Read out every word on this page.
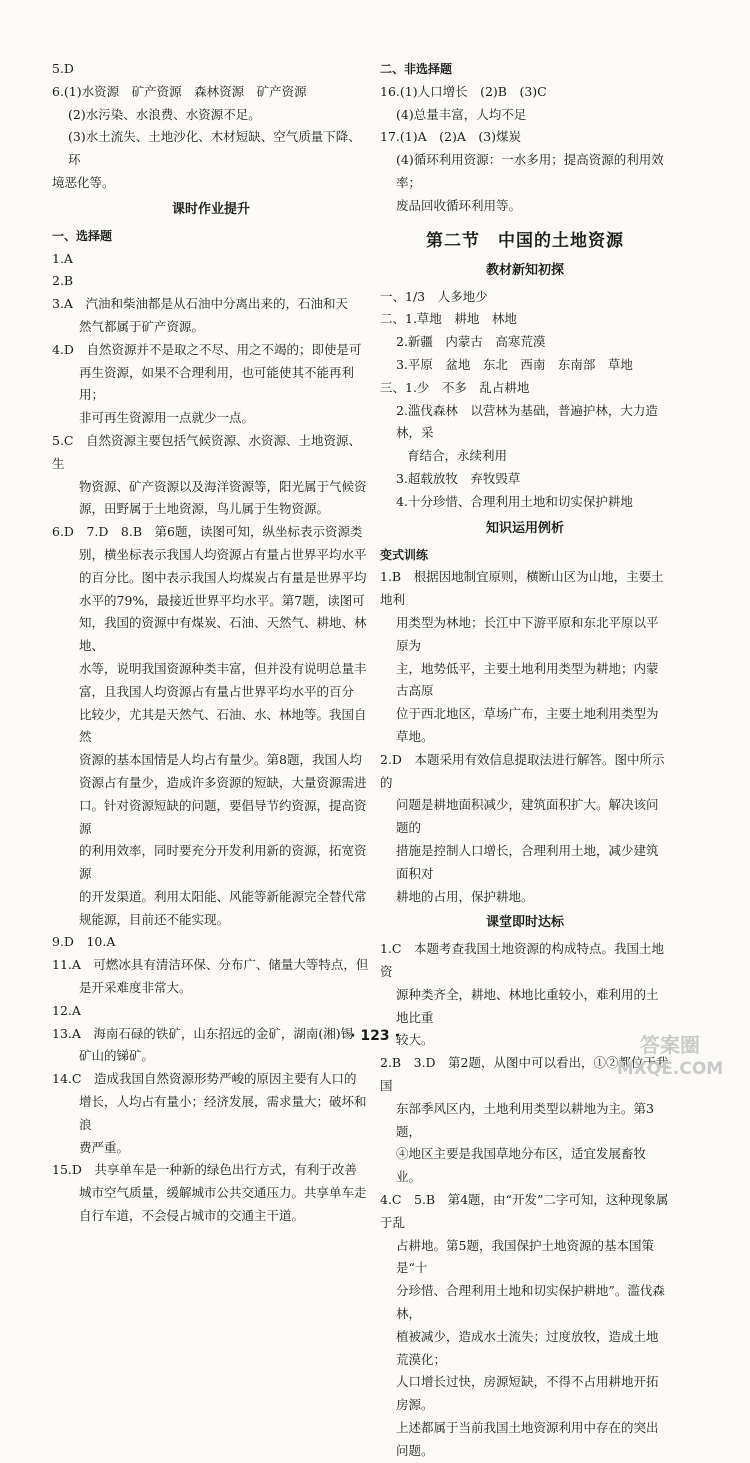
5.D

6.(1)水资源　矿产资源　森林资源　矿产资源

(2)水污染、水浪费、水资源不足。

(3)水土流失、土地沙化、木材短缺、空气质量下降、环

境恶化等。

课时作业提升

一、选择题

1.A

2.B

3.A　汽油和柴油都是从石油中分离出来的，石油和天

然气都属于矿产资源。

4.D　自然资源并不是取之不尽、用之不竭的；即使是可

再生资源，如果不合理利用，也可能使其不能再利用；

非可再生资源用一点就少一点。

5.C　自然资源主要包括气候资源、水资源、土地资源、生

物资源、矿产资源以及海洋资源等，阳光属于气候资

源，田野属于土地资源，鸟儿属于生物资源。

6.D　7.D　8.B　第6题，读图可知，纵坐标表示资源类

别，横坐标表示我国人均资源占有量占世界平均水平

的百分比。图中表示我国人均煤炭占有量是世界平均

水平的79%，最接近世界平均水平。第7题，读图可

知，我国的资源中有煤炭、石油、天然气、耕地、林地、

水等，说明我国资源种类丰富，但并没有说明总量丰

富，且我国人均资源占有量占世界平均水平的百分

比较少，尤其是天然气、石油、水、林地等。我国自然

资源的基本国情是人均占有量少。第8题，我国人均

资源占有量少，造成许多资源的短缺，大量资源需进

口。针对资源短缺的问题，要倡导节约资源，提高资源

的利用效率，同时要充分开发利用新的资源，拓宽资源

的开发渠道。利用太阳能、风能等新能源完全替代常

规能源，目前还不能实现。

9.D　10.A

11.A　可燃冰具有清洁环保、分布广、储量大等特点，但

是开采难度非常大。

12.A

13.A　海南石碌的铁矿，山东招远的金矿，湖南(湘)锡

矿山的锑矿。

14.C　造成我国自然资源形势严峻的原因主要有人口的

增长，人均占有量小；经济发展，需求量大；破坏和浪

费严重。

15.D　共享单车是一种新的绿色出行方式，有利于改善

城市空气质量，缓解城市公共交通压力。共享单车走

自行车道，不会侵占城市的交通主干道。

二、非选择题

16.(1)人口增长　(2)B　(3)C

(4)总量丰富，人均不足

17.(1)A　(2)A　(3)煤炭

(4)循环利用资源：一水多用；提高资源的利用效率；

废品回收循环利用等。

第二节　中国的土地资源
教材新知初探

一、1/3　人多地少

二、1.草地　耕地　林地

2.新疆　内蒙古　高寒荒漠

3.平原　盆地　东北　西南　东南部　草地

三、1.少　不多　乱占耕地

2.滥伐森林　以营林为基础，普遍护林，大力造林，采

育结合，永续利用

3.超载放牧　弃牧毁草

4.十分珍惜、合理利用土地和切实保护耕地

知识运用例析

变式训练

1.B　根据因地制宜原则，横断山区为山地，主要土地利

用类型为林地；长江中下游平原和东北平原以平原为

主，地势低平，主要土地利用类型为耕地；内蒙古高原

位于西北地区，草场广布，主要土地利用类型为草地。

2.D　本题采用有效信息提取法进行解答。图中所示的

问题是耕地面积减少，建筑面积扩大。解决该问题的

措施是控制人口增长，合理利用土地，减少建筑面积对

耕地的占用，保护耕地。

课堂即时达标

1.C　本题考查我国土地资源的构成特点。我国土地资

源种类齐全，耕地、林地比重较小，难利用的土地比重

较大。

2.B　3.D　第2题，从图中可以看出，①②都位于我国

东部季风区内，土地利用类型以耕地为主。第3题，

④地区主要是我国草地分布区，适宜发展畜牧业。

4.C　5.B　第4题，由“开发”二字可知，这种现象属于乱

占耕地。第5题，我国保护土地资源的基本国策是“十

分珍惜、合理利用土地和切实保护耕地”。滥伐森林，

植被减少，造成水土流失；过度放牧，造成土地荒漠化；

人口增长过快，房源短缺，不得不占用耕地开拓房源。

上述都属于当前我国土地资源利用中存在的突出

问题。

· 123 ·	答案圈
MXQE.COM
